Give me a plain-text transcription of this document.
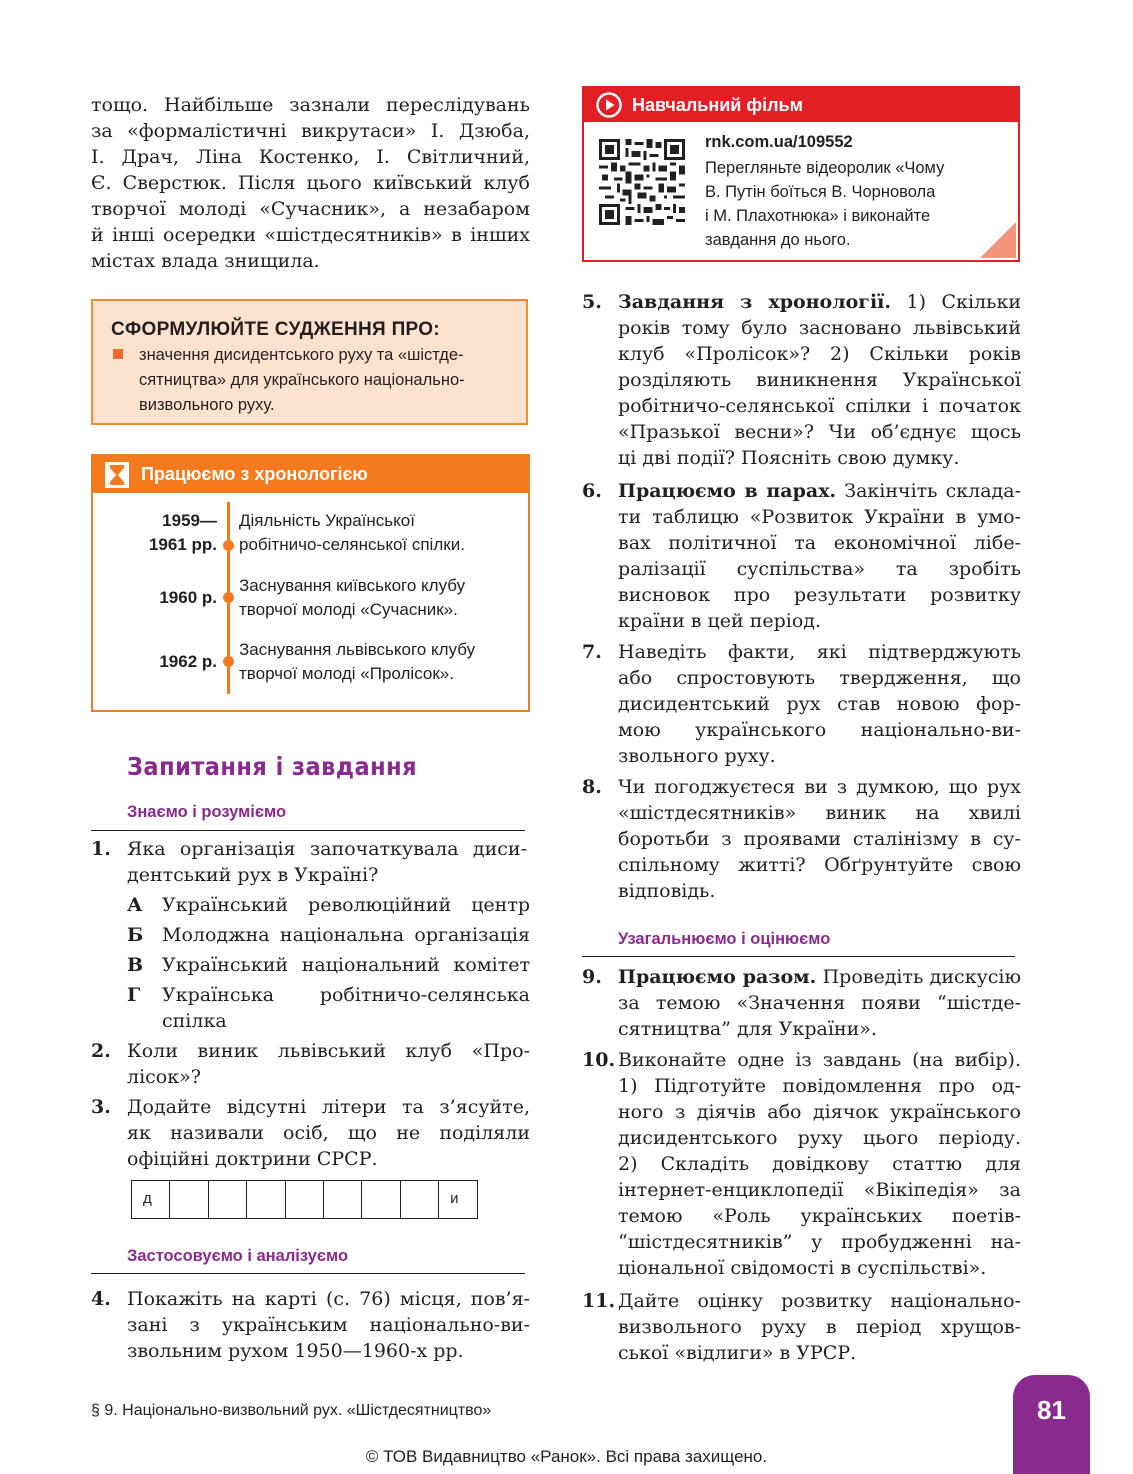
тощо. Найбільше зазнали переслідувань
за «формалістичні викрутаси» І. Дзюба,
І. Драч, Ліна Костенко, І. Світличний,
Є. Сверстюк. Після цього київський клуб
творчої молоді «Сучасник», а незабаром
й інші осередки «шістдесятників» в інших
містах влада знищила.
СФОРМУЛЮЙТЕ СУДЖЕННЯ ПРО:
значення дисидентського руху та «шістде-
сятництва» для українського національно-
визвольного руху.
Працюємо з хронологією
1959—
1961 рр.
Діяльність Української
робітничо-селянської спілки.
1960 р.
Заснування київського клубу
творчої молоді «Сучасник».
1962 р.
Заснування львівського клубу
творчої молоді «Пролісок».
Запитання і завдання
Знаємо і розуміємо
1. Яка організація започаткувала диси-
дентський рух в Україні?
А Український революційний центр
Б Молоджна національна організація
В Український національний комітет
Г Українська робітничо-селянська
спілка
2. Коли виник львівський клуб «Про-
лісок»?
3. Додайте відсутні літери та з’ясуйте,
як називали осіб, що не поділяли
офіційні доктрини СРСР.
д	и
Застосовуємо і аналізуємо
4. Покажіть на карті (с. 76) місця, пов’я-
зані з українським національно-ви-
звольним рухом 1950—1960-х рр.
Навчальний фільм
rnk.com.ua/109552
Перегляньте відеоролик «Чому
В. Путін боїться В. Чорновола
і М. Плахотнюка» і виконайте
завдання до нього.
5. Завдання з хронології. 1) Скільки
років тому було засновано львівський
клуб «Пролісок»? 2) Скільки років
розділяють виникнення Української
робітничо-селянської спілки і початок
«Празької весни»? Чи об’єднує щось
ці дві події? Поясніть свою думку.
6. Працюємо в парах. Закінчіть склада-
ти таблицю «Розвиток України в умо-
вах політичної та економічної лібе-
ралізації суспільства» та зробіть
висновок про результати розвитку
країни в цей період.
7. Наведіть факти, які підтверджують
або спростовують твердження, що
дисидентський рух став новою фор-
мою українського національно-ви-
звольного руху.
8. Чи погоджуєтеся ви з думкою, що рух
«шістдесятників» виник на хвилі
боротьби з проявами сталінізму в су-
спільному житті? Обґрунтуйте свою
відповідь.
Узагальнюємо і оцінюємо
9. Працюємо разом. Проведіть дискусію
за темою «Значення появи “шістде-
сятництва” для України».
10. Виконайте одне із завдань (на вибір).
1) Підготуйте повідомлення про од-
ного з діячів або діячок українського
дисидентського руху цього періоду.
2) Складіть довідкову статтю для
інтернет-енциклопедії «Вікіпедія» за
темою «Роль українських поетів-
“шістдесятників” у пробудженні на-
ціональної свідомості в суспільстві».
11. Дайте оцінку розвитку національно-
визвольного руху в період хрущов-
ської «відлиги» в УРСР.
§ 9. Національно-визвольний рух. «Шістдесятництво»	81
© ТОВ Видавництво «Ранок». Всі права захищено.
